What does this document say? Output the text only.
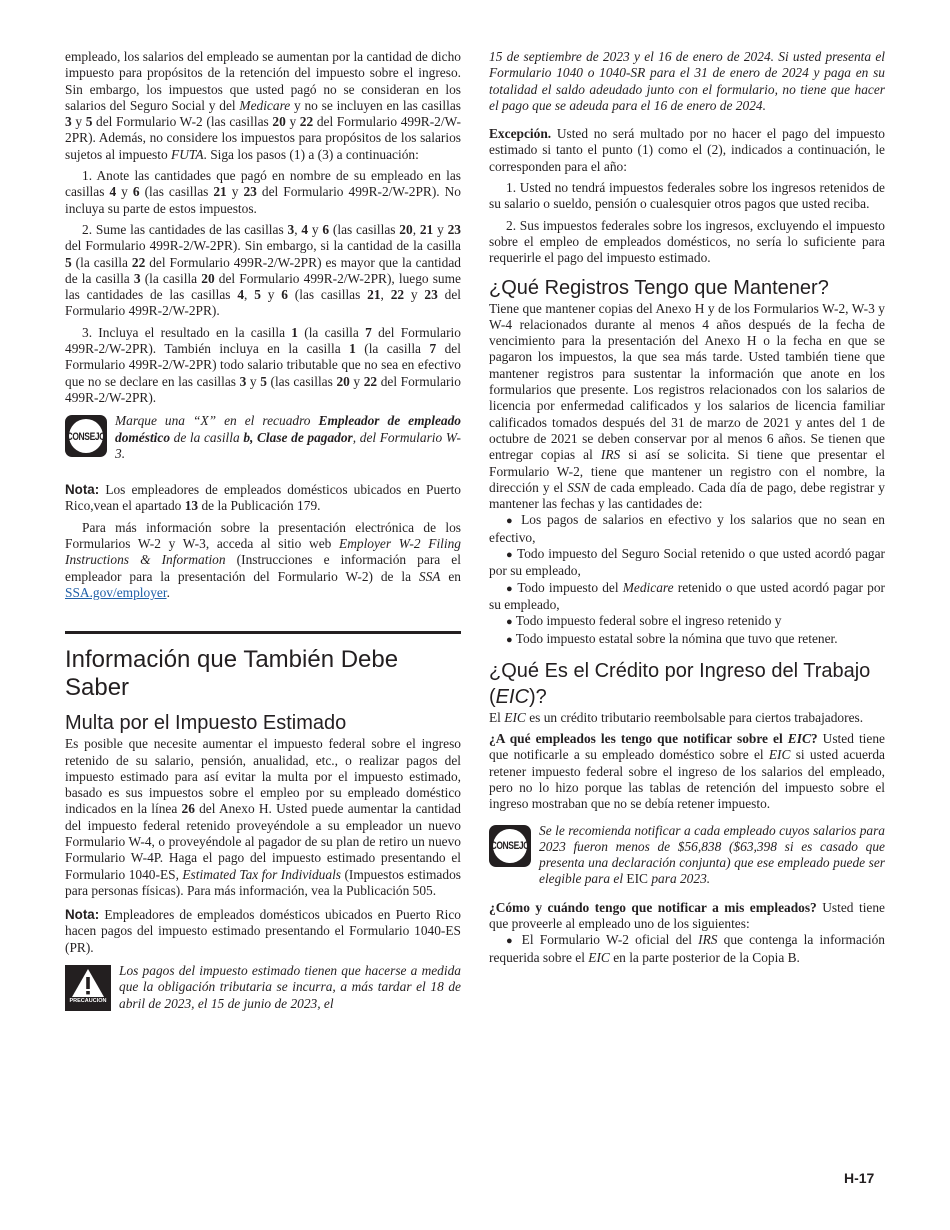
empleado, los salarios del empleado se aumentan por la cantidad de dicho impuesto para propósitos de la retención del impuesto sobre el ingreso. Sin embargo, los impuestos que usted pagó no se consideran en los salarios del Seguro Social y del Medicare y no se incluyen en las casillas 3 y 5 del Formulario W-2 (las casillas 20 y 22 del Formulario 499R-2/W-2PR). Además, no considere los impuestos para propósitos de los salarios sujetos al impuesto FUTA. Siga los pasos (1) a (3) a continuación:

1. Anote las cantidades que pagó en nombre de su empleado en las casillas 4 y 6 (las casillas 21 y 23 del Formulario 499R-2/W-2PR). No incluya su parte de estos impuestos.

2. Sume las cantidades de las casillas 3, 4 y 6 (las casillas 20, 21 y 23 del Formulario 499R-2/W-2PR). Sin embargo, si la cantidad de la casilla 5 (la casilla 22 del Formulario 499R-2/W-2PR) es mayor que la cantidad de la casilla 3 (la casilla 20 del Formulario 499R-2/W-2PR), luego sume las cantidades de las casillas 4, 5 y 6 (las casillas 21, 22 y 23 del Formulario 499R-2/W-2PR).

3. Incluya el resultado en la casilla 1 (la casilla 7 del Formulario 499R-2/W-2PR). También incluya en la casilla 1 (la casilla 7 del Formulario 499R-2/W-2PR) todo salario tributable que no sea en efectivo que no se declare en las casillas 3 y 5 (las casillas 20 y 22 del Formulario 499R-2/W-2PR).

CONSEJO

Marque una “X” en el recuadro Empleador de empleado doméstico de la casilla b, Clase de pagador, del Formulario W-3.

Nota: Los empleadores de empleados domésticos ubicados en Puerto Rico,vean el apartado 13 de la Publicación 179.

Para más información sobre la presentación electrónica de los Formularios W-2 y W-3, acceda al sitio web Employer W-2 Filing Instructions & Information (Instrucciones e información para el empleador para la presentación del Formulario W-2) de la SSA en SSA.gov/employer.

Información que También Debe Saber
Multa por el Impuesto Estimado

Es posible que necesite aumentar el impuesto federal sobre el ingreso retenido de su salario, pensión, anualidad, etc., o realizar pagos del impuesto estimado para así evitar la multa por el impuesto estimado, basado es sus impuestos sobre el empleo por su empleado doméstico indicados en la línea 26 del Anexo H. Usted puede aumentar la cantidad del impuesto federal retenido proveyéndole a su empleador un nuevo Formulario W-4, o proveyéndole al pagador de su plan de retiro un nuevo Formulario W-4P. Haga el pago del impuesto estimado presentando el Formulario 1040-ES, Estimated Tax for Individuals (Impuestos estimados para personas físicas). Para más información, vea la Publicación 505.

Nota: Empleadores de empleados domésticos ubicados en Puerto Rico hacen pagos del impuesto estimado presentando el Formulario 1040-ES (PR).

PRECAUCION

Los pagos del impuesto estimado tienen que hacerse a medida que la obligación tributaria se incurra, a más tardar el 18 de abril de 2023, el 15 de junio de 2023, el

15 de septiembre de 2023 y el 16 de enero de 2024. Si usted presenta el Formulario 1040 o 1040-SR para el 31 de enero de 2024 y paga en su totalidad el saldo adeudado junto con el formulario, no tiene que hacer el pago que se adeuda para el 16 de enero de 2024.

Excepción. Usted no será multado por no hacer el pago del impuesto estimado si tanto el punto (1) como el (2), indicados a continuación, le corresponden para el año:

1. Usted no tendrá impuestos federales sobre los ingresos retenidos de su salario o sueldo, pensión o cualesquier otros pagos que usted reciba.

2. Sus impuestos federales sobre los ingresos, excluyendo el impuesto sobre el empleo de empleados domésticos, no sería lo suficiente para requerirle el pago del impuesto estimado.

¿Qué Registros Tengo que Mantener?

Tiene que mantener copias del Anexo H y de los Formularios W-2, W-3 y W-4 relacionados durante al menos 4 años después de la fecha de vencimiento para la presentación del Anexo H o la fecha en que se pagaron los impuestos, la que sea más tarde. Usted también tiene que mantener registros para sustentar la información que anote en los formularios que presente. Los registros relacionados con los salarios de licencia por enfermedad calificados y los salarios de licencia familiar calificados tomados después del 31 de marzo de 2021 y antes del 1 de octubre de 2021 se deben conservar por al menos 6 años. Se tienen que entregar copias al IRS si así se solicita. Si tiene que presentar el Formulario W-2, tiene que mantener un registro con el nombre, la dirección y el SSN de cada empleado. Cada día de pago, debe registrar y mantener las fechas y las cantidades de:

● Los pagos de salarios en efectivo y los salarios que no sean en efectivo,

● Todo impuesto del Seguro Social retenido o que usted acordó pagar por su empleado,

● Todo impuesto del Medicare retenido o que usted acordó pagar por su empleado,

● Todo impuesto federal sobre el ingreso retenido y

● Todo impuesto estatal sobre la nómina que tuvo que retener.

¿Qué Es el Crédito por Ingreso del Trabajo (EIC)?

El EIC es un crédito tributario reembolsable para ciertos trabajadores.

¿A qué empleados les tengo que notificar sobre el EIC? Usted tiene que notificarle a su empleado doméstico sobre el EIC si usted acuerda retener impuesto federal sobre el ingreso de los salarios del empleado, pero no lo hizo porque las tablas de retención del impuesto sobre el ingreso mostraban que no se debía retener impuesto.

CONSEJO

Se le recomienda notificar a cada empleado cuyos salarios para 2023 fueron menos de $56,838 ($63,398 si es casado que presenta una declaración conjunta) que ese empleado puede ser elegible para el EIC para 2023.

¿Cómo y cuándo tengo que notificar a mis empleados? Usted tiene que proveerle al empleado uno de los siguientes:

● El Formulario W-2 oficial del IRS que contenga la información requerida sobre el EIC en la parte posterior de la Copia B.

H-17
